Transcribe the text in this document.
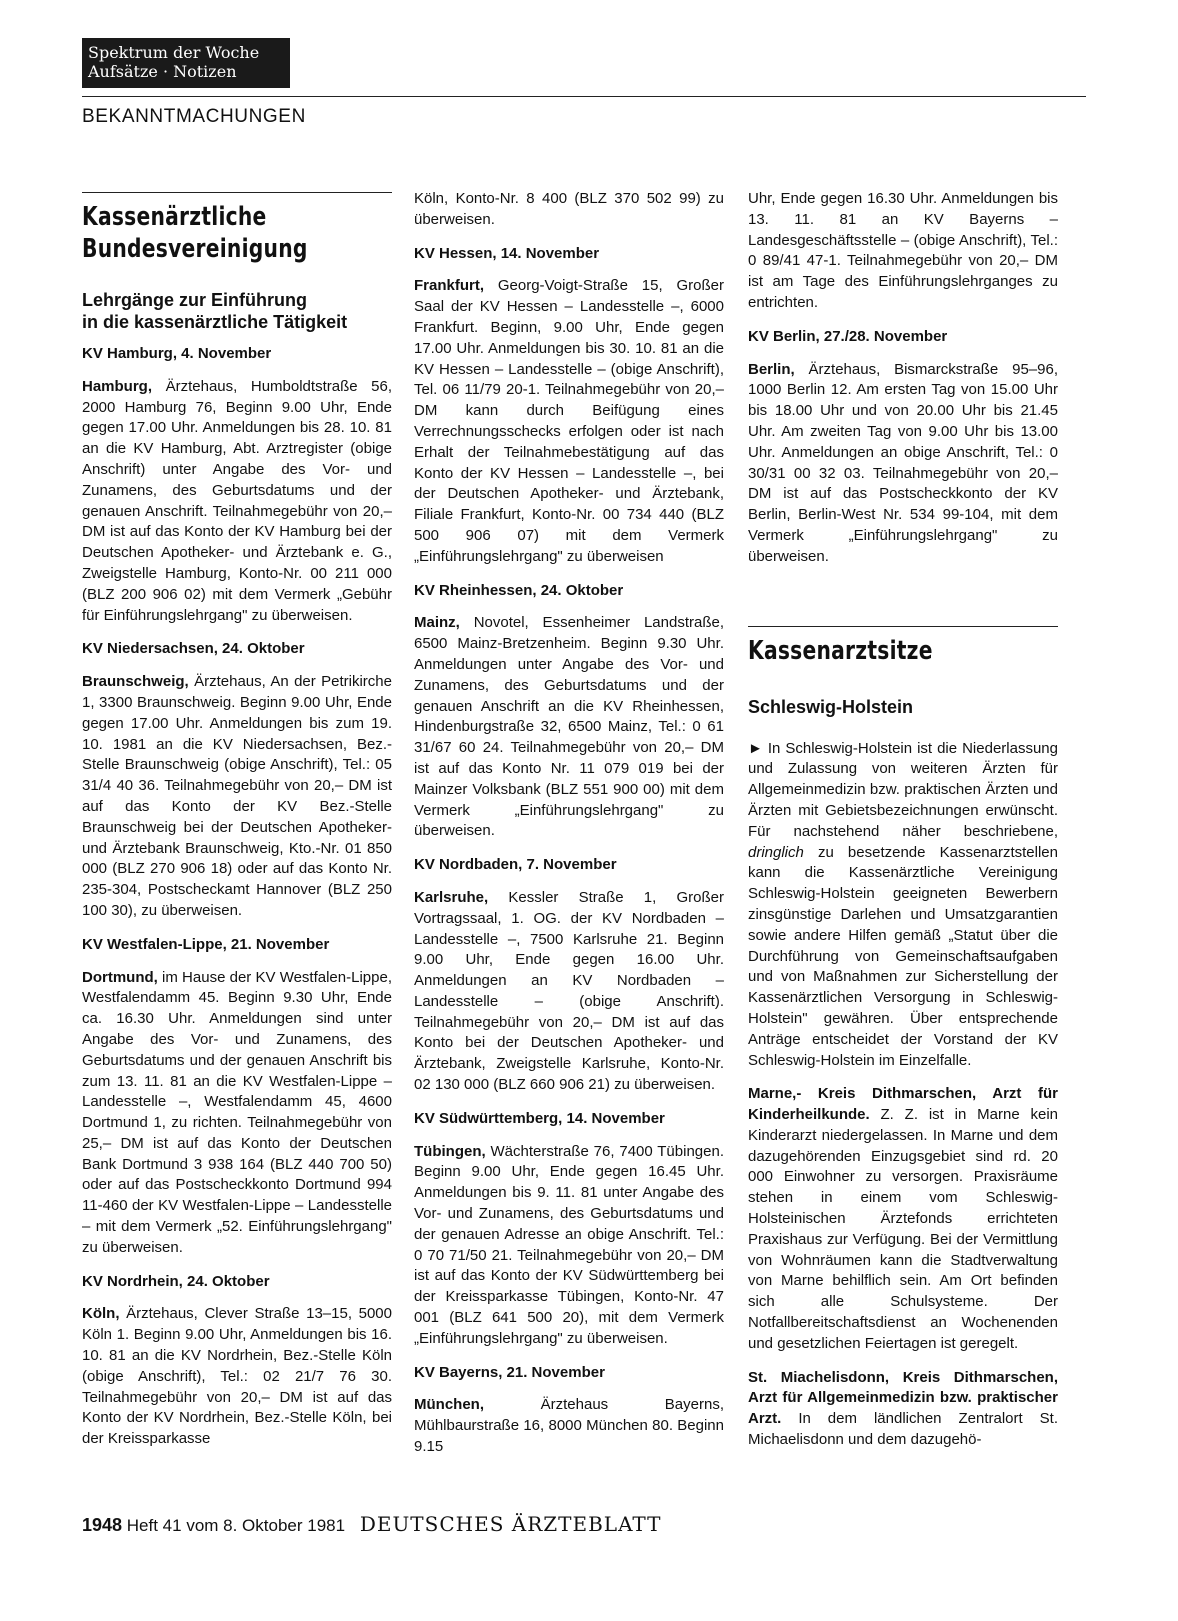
Spektrum der Woche
Aufsätze · Notizen
BEKANNTMACHUNGEN
Kassenärztliche Bundesvereinigung
Lehrgänge zur Einführung
in die kassenärztliche Tätigkeit
KV Hamburg, 4. November

Hamburg, Ärztehaus, Humboldtstraße 56, 2000 Hamburg 76, Beginn 9.00 Uhr, Ende gegen 17.00 Uhr. Anmeldungen bis 28. 10. 81 an die KV Hamburg, Abt. Arztregister (obige Anschrift) unter Angabe des Vor- und Zunamens, des Geburtsdatums und der genauen Anschrift. Teilnahmegebühr von 20,– DM ist auf das Konto der KV Hamburg bei der Deutschen Apotheker- und Ärztebank e. G., Zweigstelle Hamburg, Konto-Nr. 00 211 000 (BLZ 200 906 02) mit dem Vermerk „Gebühr für Einführungslehrgang" zu überweisen.

KV Niedersachsen, 24. Oktober

Braunschweig, Ärztehaus, An der Petrikirche 1, 3300 Braunschweig. Beginn 9.00 Uhr, Ende gegen 17.00 Uhr. Anmeldungen bis zum 19. 10. 1981 an die KV Niedersachsen, Bez.-Stelle Braunschweig (obige Anschrift), Tel.: 05 31/4 40 36. Teilnahmegebühr von 20,– DM ist auf das Konto der KV Bez.-Stelle Braunschweig bei der Deutschen Apotheker- und Ärztebank Braunschweig, Kto.-Nr. 01 850 000 (BLZ 270 906 18) oder auf das Konto Nr. 235-304, Postscheckamt Hannover (BLZ 250 100 30), zu überweisen.

KV Westfalen-Lippe, 21. November

Dortmund, im Hause der KV Westfalen-Lippe, Westfalendamm 45. Beginn 9.30 Uhr, Ende ca. 16.30 Uhr. Anmeldungen sind unter Angabe des Vor- und Zunamens, des Geburtsdatums und der genauen Anschrift bis zum 13. 11. 81 an die KV Westfalen-Lippe – Landesstelle –, Westfalendamm 45, 4600 Dortmund 1, zu richten. Teilnahmegebühr von 25,– DM ist auf das Konto der Deutschen Bank Dortmund 3 938 164 (BLZ 440 700 50) oder auf das Postscheckkonto Dortmund 994 11-460 der KV Westfalen-Lippe – Landesstelle – mit dem Vermerk „52. Einführungslehrgang" zu überweisen.

KV Nordrhein, 24. Oktober

Köln, Ärztehaus, Clever Straße 13–15, 5000 Köln 1. Beginn 9.00 Uhr, Anmeldungen bis 16. 10. 81 an die KV Nordrhein, Bez.-Stelle Köln (obige Anschrift), Tel.: 02 21/7 76 30. Teilnahmegebühr von 20,– DM ist auf das Konto der KV Nordrhein, Bez.-Stelle Köln, bei der Kreissparkasse

Köln, Konto-Nr. 8 400 (BLZ 370 502 99) zu überweisen.

KV Hessen, 14. November

Frankfurt, Georg-Voigt-Straße 15, Großer Saal der KV Hessen – Landesstelle –, 6000 Frankfurt. Beginn, 9.00 Uhr, Ende gegen 17.00 Uhr. Anmeldungen bis 30. 10. 81 an die KV Hessen – Landesstelle – (obige Anschrift), Tel. 06 11/79 20-1. Teilnahmegebühr von 20,– DM kann durch Beifügung eines Verrechnungsschecks erfolgen oder ist nach Erhalt der Teilnahmebestätigung auf das Konto der KV Hessen – Landesstelle –, bei der Deutschen Apotheker- und Ärztebank, Filiale Frankfurt, Konto-Nr. 00 734 440 (BLZ 500 906 07) mit dem Vermerk „Einführungslehrgang" zu überweisen

KV Rheinhessen, 24. Oktober

Mainz, Novotel, Essenheimer Landstraße, 6500 Mainz-Bretzenheim. Beginn 9.30 Uhr. Anmeldungen unter Angabe des Vor- und Zunamens, des Geburtsdatums und der genauen Anschrift an die KV Rheinhessen, Hindenburgstraße 32, 6500 Mainz, Tel.: 0 61 31/67 60 24. Teilnahmegebühr von 20,– DM ist auf das Konto Nr. 11 079 019 bei der Mainzer Volksbank (BLZ 551 900 00) mit dem Vermerk „Einführungslehrgang" zu überweisen.

KV Nordbaden, 7. November

Karlsruhe, Kessler Straße 1, Großer Vortragssaal, 1. OG. der KV Nordbaden – Landesstelle –, 7500 Karlsruhe 21. Beginn 9.00 Uhr, Ende gegen 16.00 Uhr. Anmeldungen an KV Nordbaden – Landesstelle – (obige Anschrift). Teilnahmegebühr von 20,– DM ist auf das Konto bei der Deutschen Apotheker- und Ärztebank, Zweigstelle Karlsruhe, Konto-Nr. 02 130 000 (BLZ 660 906 21) zu überweisen.

KV Südwürttemberg, 14. November

Tübingen, Wächterstraße 76, 7400 Tübingen. Beginn 9.00 Uhr, Ende gegen 16.45 Uhr. Anmeldungen bis 9. 11. 81 unter Angabe des Vor- und Zunamens, des Geburtsdatums und der genauen Adresse an obige Anschrift. Tel.: 0 70 71/50 21. Teilnahmegebühr von 20,– DM ist auf das Konto der KV Südwürttemberg bei der Kreissparkasse Tübingen, Konto-Nr. 47 001 (BLZ 641 500 20), mit dem Vermerk „Einführungslehrgang" zu überweisen.

KV Bayerns, 21. November

München, Ärztehaus Bayerns, Mühlbaurstraße 16, 8000 München 80. Beginn 9.15

Uhr, Ende gegen 16.30 Uhr. Anmeldungen bis 13. 11. 81 an KV Bayerns – Landesgeschäftsstelle – (obige Anschrift), Tel.: 0 89/41 47-1. Teilnahmegebühr von 20,– DM ist am Tage des Einführungslehrganges zu entrichten.

KV Berlin, 27./28. November

Berlin, Ärztehaus, Bismarckstraße 95–96, 1000 Berlin 12. Am ersten Tag von 15.00 Uhr bis 18.00 Uhr und von 20.00 Uhr bis 21.45 Uhr. Am zweiten Tag von 9.00 Uhr bis 13.00 Uhr. Anmeldungen an obige Anschrift, Tel.: 0 30/31 00 32 03. Teilnahmegebühr von 20,– DM ist auf das Postscheckkonto der KV Berlin, Berlin-West Nr. 534 99-104, mit dem Vermerk „Einführungslehrgang" zu überweisen.

Kassenarztsitze
Schleswig-Holstein

► In Schleswig-Holstein ist die Niederlassung und Zulassung von weiteren Ärzten für Allgemeinmedizin bzw. praktischen Ärzten und Ärzten mit Gebietsbezeichnungen erwünscht. Für nachstehend näher beschriebene, dringlich zu besetzende Kassenarztstellen kann die Kassenärztliche Vereinigung Schleswig-Holstein geeigneten Bewerbern zinsgünstige Darlehen und Umsatzgarantien sowie andere Hilfen gemäß „Statut über die Durchführung von Gemeinschaftsaufgaben und von Maßnahmen zur Sicherstellung der Kassenärztlichen Versorgung in Schleswig-Holstein" gewähren. Über entsprechende Anträge entscheidet der Vorstand der KV Schleswig-Holstein im Einzelfalle.

Marne,- Kreis Dithmarschen, Arzt für Kinderheilkunde. Z. Z. ist in Marne kein Kinderarzt niedergelassen. In Marne und dem dazugehörenden Einzugsgebiet sind rd. 20 000 Einwohner zu versorgen. Praxisräume stehen in einem vom Schleswig-Holsteinischen Ärztefonds errichteten Praxishaus zur Verfügung. Bei der Vermittlung von Wohnräumen kann die Stadtverwaltung von Marne behilflich sein. Am Ort befinden sich alle Schulsysteme. Der Notfallbereitschaftsdienst an Wochenenden und gesetzlichen Feiertagen ist geregelt.

St. Miachelisdonn, Kreis Dithmarschen, Arzt für Allgemeinmedizin bzw. praktischer Arzt. In dem ländlichen Zentralort St. Michaelisdonn und dem dazugehö-

1948 Heft 41 vom 8. Oktober 1981 DEUTSCHES ÄRZTEBLATT
